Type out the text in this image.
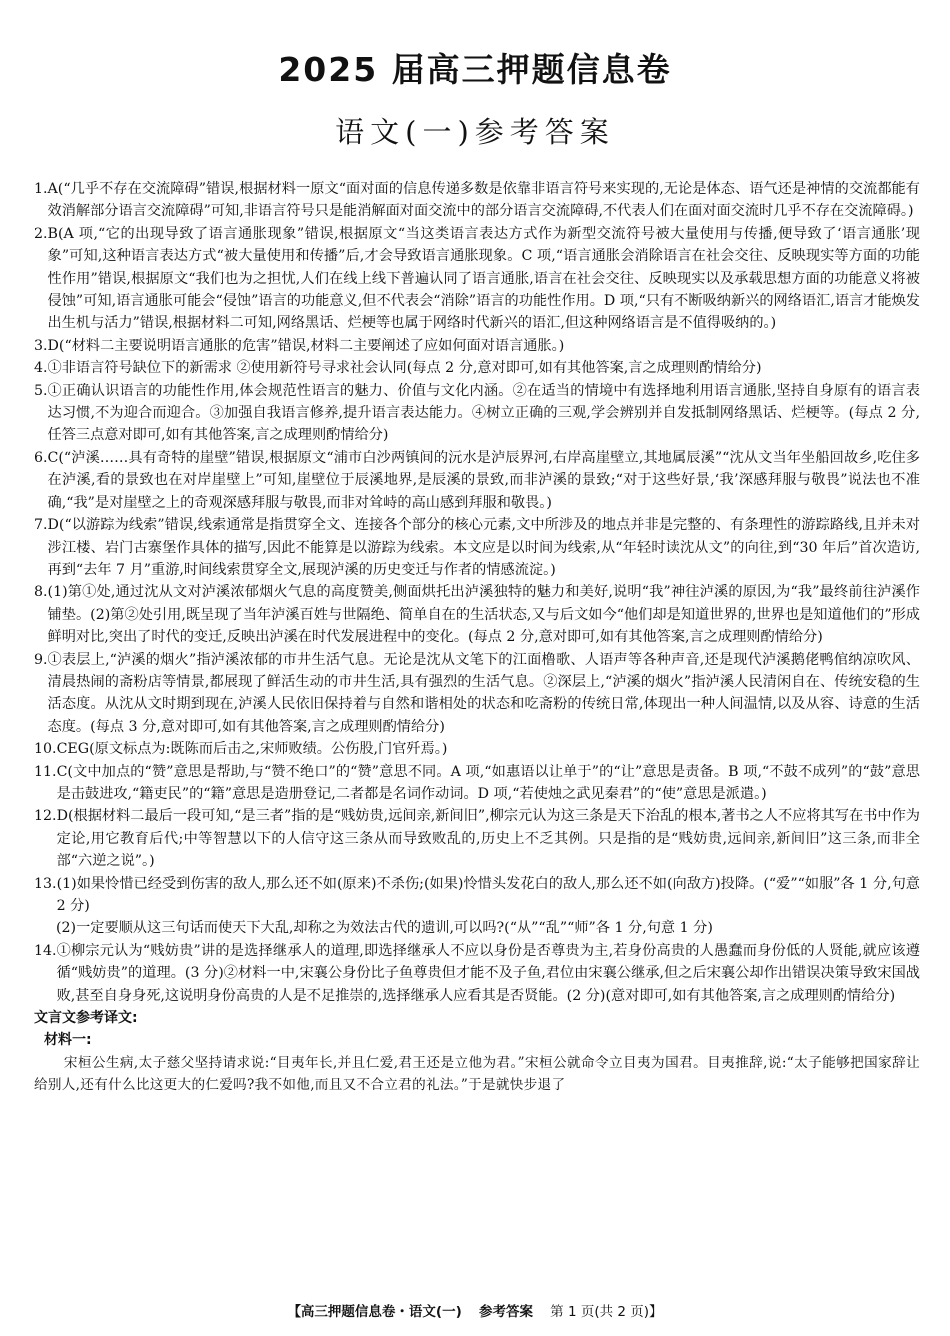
2025 届高三押题信息卷
语文(一)参考答案
1. A(“几乎不存在交流障碍”错误,根据材料一原文“面对面的信息传递多数是依靠非语言符号来实现的,无论是体态、语气还是神情的交流都能有效消解部分语言交流障碍”可知,非语言符号只是能消解面对面交流中的部分语言交流障碍,不代表人们在面对面交流时几乎不存在交流障碍。)
2. B(A 项,“它的出现导致了语言通胀现象”错误,根据原文“当这类语言表达方式作为新型交流符号被大量使用与传播,便导致了‘语言通胀’现象”可知,这种语言表达方式“被大量使用和传播”后,才会导致语言通胀现象。C 项,“语言通胀会消除语言在社会交往、反映现实等方面的功能性作用”错误,根据原文“我们也为之担忧,人们在线上线下普遍认同了语言通胀,语言在社会交往、反映现实以及承载思想方面的功能意义将被侵蚀”可知,语言通胀可能会“侵蚀”语言的功能意义,但不代表会“消除”语言的功能性作用。D 项,“只有不断吸纳新兴的网络语汇,语言才能焕发出生机与活力”错误,根据材料二可知,网络黑话、烂梗等也属于网络时代新兴的语汇,但这种网络语言是不值得吸纳的。)
3. D(“材料二主要说明语言通胀的危害”错误,材料二主要阐述了应如何面对语言通胀。)
4. ①非语言符号缺位下的新需求 ②使用新符号寻求社会认同(每点 2 分,意对即可,如有其他答案,言之成理则酌情给分)
5. ①正确认识语言的功能性作用,体会规范性语言的魅力、价值与文化内涵。②在适当的情境中有选择地利用语言通胀,坚持自身原有的语言表达习惯,不为迎合而迎合。③加强自我语言修养,提升语言表达能力。④树立正确的三观,学会辨别并自发抵制网络黑话、烂梗等。(每点 2 分,任答三点意对即可,如有其他答案,言之成理则酌情给分)
6. C(“泸溪……具有奇特的崖壁”错误,根据原文“浦市白沙两镇间的沅水是泸辰界河,右岸高崖壁立,其地属辰溪”“沈从文当年坐船回故乡,吃住多在泸溪,看的景致也在对岸崖壁上”可知,崖壁位于辰溪地界,是辰溪的景致,而非泸溪的景致;“对于这些好景,‘我’深感拜服与敬畏”说法也不准确,“我”是对崖壁之上的奇观深感拜服与敬畏,而非对耸峙的高山感到拜服和敬畏。)
7. D(“以游踪为线索”错误,线索通常是指贯穿全文、连接各个部分的核心元素,文中所涉及的地点并非是完整的、有条理性的游踪路线,且并未对涉江楼、岩门古寨堡作具体的描写,因此不能算是以游踪为线索。本文应是以时间为线索,从“年轻时读沈从文”的向往,到“30 年后”首次造访,再到“去年 7 月”重游,时间线索贯穿全文,展现泸溪的历史变迁与作者的情感流淀。)
8. (1)第①处,通过沈从文对泸溪浓郁烟火气息的高度赞美,侧面烘托出泸溪独特的魅力和美好,说明“我”神往泸溪的原因,为“我”最终前往泸溪作铺垫。(2)第②处引用,既呈现了当年泸溪百姓与世隔绝、简单自在的生活状态,又与后文如今“他们却是知道世界的,世界也是知道他们的”形成鲜明对比,突出了时代的变迁,反映出泸溪在时代发展进程中的变化。(每点 2 分,意对即可,如有其他答案,言之成理则酌情给分)
9. ①表层上,“泸溪的烟火”指泸溪浓郁的市井生活气息。无论是沈从文笔下的江面橹歌、人语声等各种声音,还是现代泸溪鹅佬鸭倌纳凉吹风、清晨热闹的斋粉店等情景,都展现了鲜活生动的市井生活,具有强烈的生活气息。②深层上,“泸溪的烟火”指泸溪人民清闲自在、传统安稳的生活态度。从沈从文时期到现在,泸溪人民依旧保持着与自然和谐相处的状态和吃斋粉的传统日常,体现出一种人间温情,以及从容、诗意的生活态度。(每点 3 分,意对即可,如有其他答案,言之成理则酌情给分)
10. CEG(原文标点为:既陈而后击之,宋师败绩。公伤股,门官歼焉。)
11. C(文中加点的“赞”意思是帮助,与“赞不绝口”的“赞”意思不同。A 项,“如惠语以让单于”的“让”意思是责备。B 项,“不鼓不成列”的“鼓”意思是击鼓进攻,“籍吏民”的“籍”意思是造册登记,二者都是名词作动词。D 项,“若使烛之武见秦君”的“使”意思是派遣。)
12. D(根据材料二最后一段可知,“是三者”指的是“贱妨贵,远间亲,新间旧”,柳宗元认为这三条是天下治乱的根本,著书之人不应将其写在书中作为定论,用它教育后代;中等智慧以下的人信守这三条从而导致败乱的,历史上不乏其例。只是指的是“贱妨贵,远间亲,新间旧”这三条,而非全部“六逆之说”。)
13. (1)如果怜惜已经受到伤害的敌人,那么还不如(原来)不杀伤;(如果)怜惜头发花白的敌人,那么还不如(向敌方)投降。(“爱”“如服”各 1 分,句意 2 分)
(2)一定要顺从这三句话而使天下大乱,却称之为效法古代的遗训,可以吗?(“从”“乱”“师”各 1 分,句意 1 分)
14. ①柳宗元认为“贱妨贵”讲的是选择继承人的道理,即选择继承人不应以身份是否尊贵为主,若身份高贵的人愚蠢而身份低的人贤能,就应该遵循“贱妨贵”的道理。(3 分)②材料一中,宋襄公身份比子鱼尊贵但才能不及子鱼,君位由宋襄公继承,但之后宋襄公却作出错误决策导致宋国战败,甚至自身身死,这说明身份高贵的人是不足推崇的,选择继承人应看其是否贤能。(2 分)(意对即可,如有其他答案,言之成理则酌情给分)
文言文参考译文:
材料一:
宋桓公生病,太子慈父坚持请求说:“目夷年长,并且仁爱,君王还是立他为君。”宋桓公就命令立目夷为国君。目夷推辞,说:“太子能够把国家辞让给别人,还有什么比这更大的仁爱吗?我不如他,而且又不合立君的礼法。”于是就快步退了
【高三押题信息卷・语文(一) 参考答案 第 1 页(共 2 页)】
